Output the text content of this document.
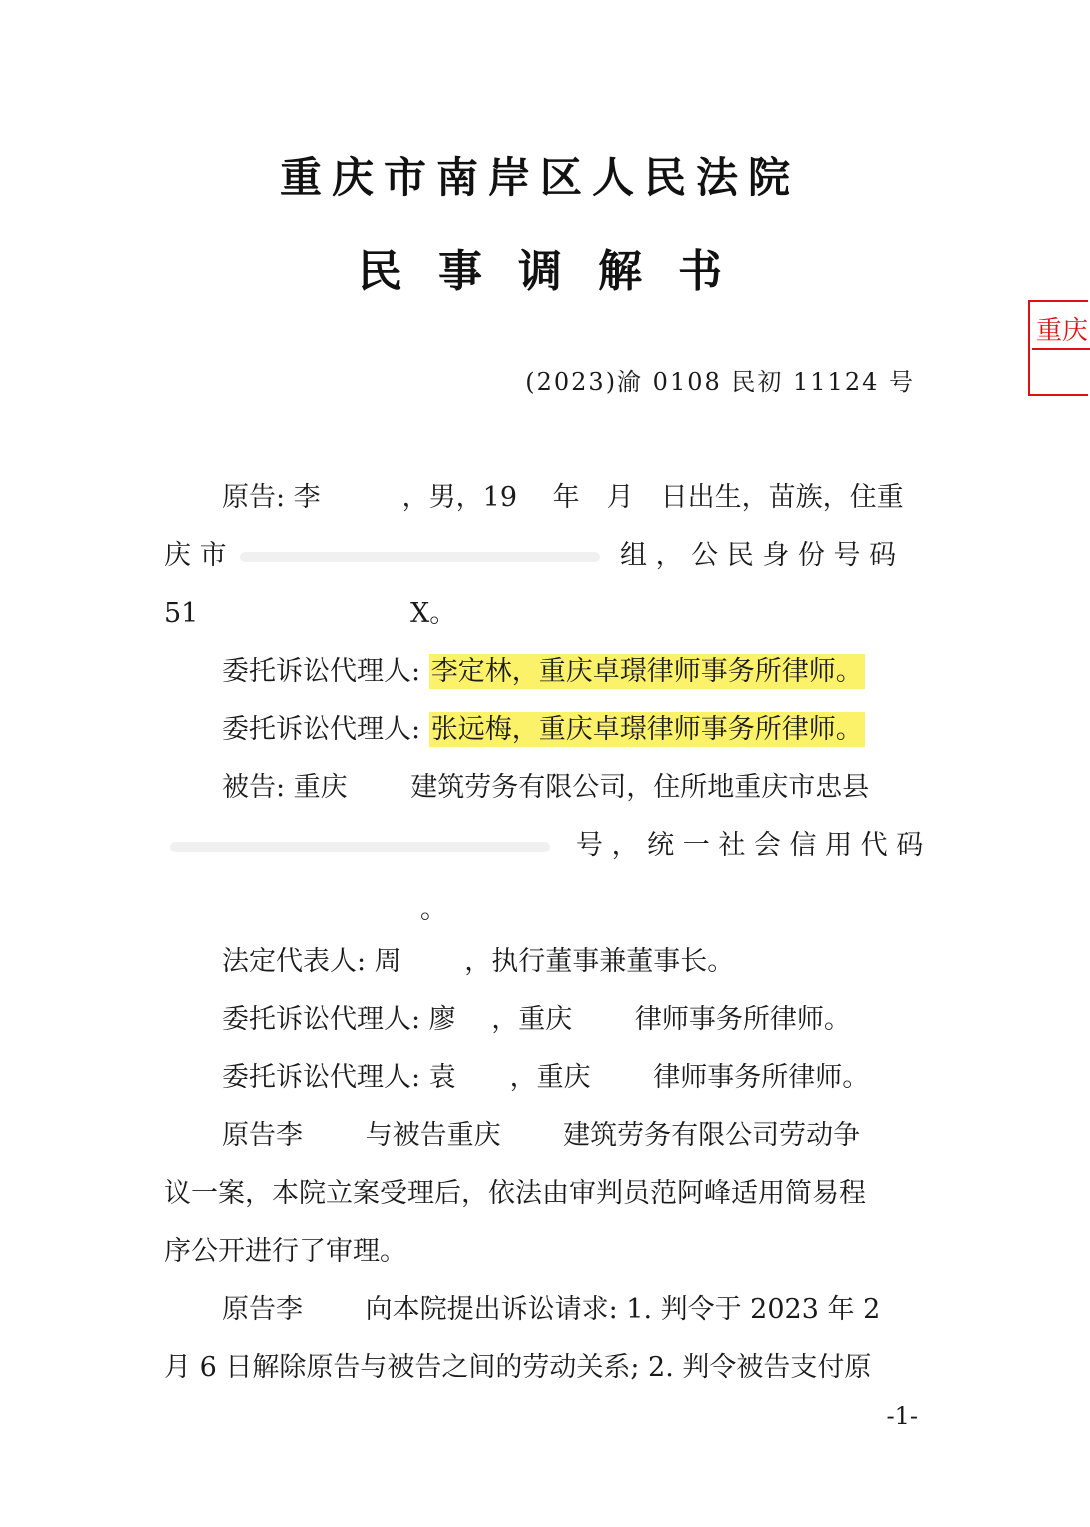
重庆市南岸区人民法院
民事调解书
重庆
(2023)渝 0108 民初 11124 号
原告: 李　　　，男，19　 年　月　日出生，苗族，住重
庆 市	组 ， 公 民 身 份 号 码
51	X。
委托诉讼代理人: 李定林，重庆卓璟律师事务所律师。
委托诉讼代理人: 张远梅，重庆卓璟律师事务所律师。
被告: 重庆　　 建筑劳务有限公司，住所地重庆市忠县
号 ， 统 一 社 会 信 用 代 码
。
法定代表人: 周　　 ，执行董事兼董事长。
委托诉讼代理人: 廖　 ，重庆　　 律师事务所律师。
委托诉讼代理人: 袁　　，重庆　　 律师事务所律师。
原告李　　 与被告重庆　　 建筑劳务有限公司劳动争
议一案，本院立案受理后，依法由审判员范阿峰适用简易程
序公开进行了审理。
原告李　　 向本院提出诉讼请求: 1. 判令于 2023 年 2
月 6 日解除原告与被告之间的劳动关系; 2. 判令被告支付原
-1-
